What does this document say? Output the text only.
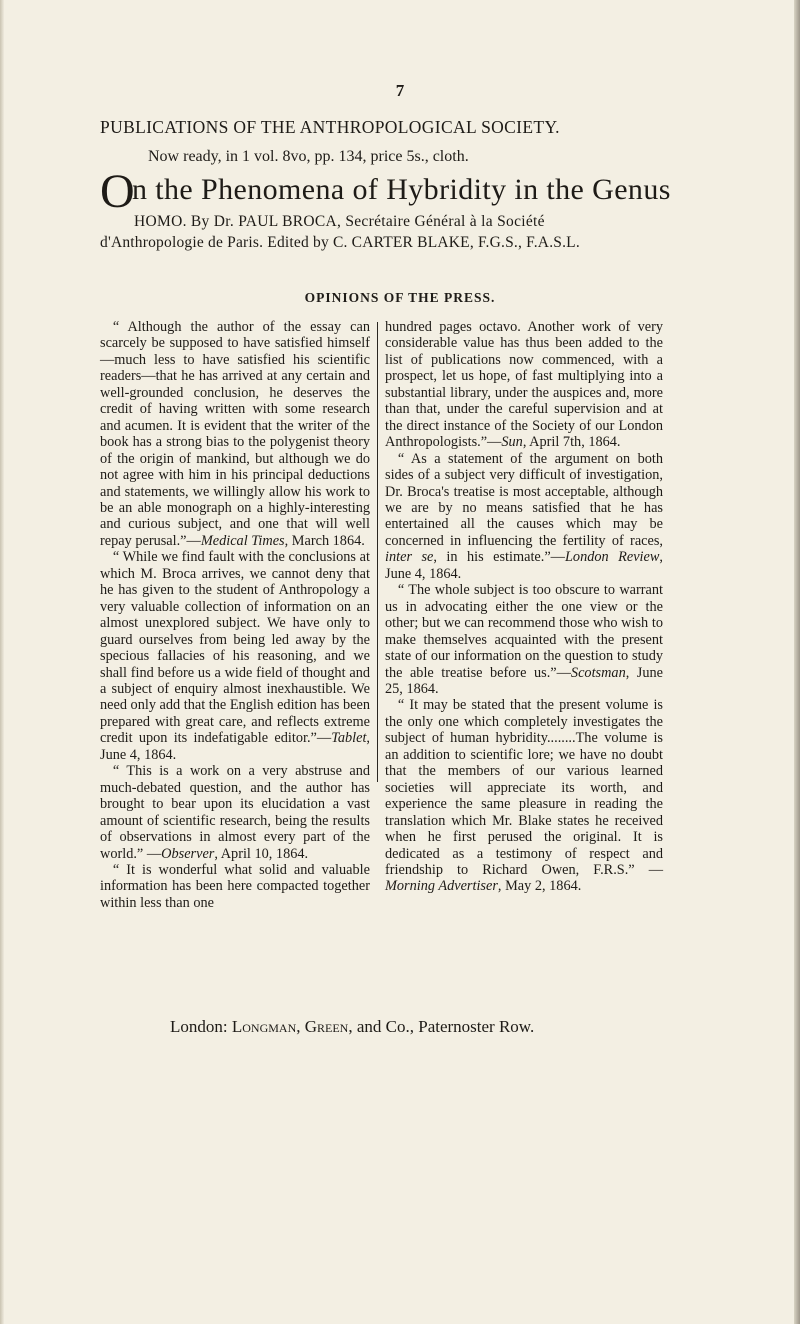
7
PUBLICATIONS OF THE ANTHROPOLOGICAL SOCIETY.
Now ready, in 1 vol. 8vo, pp. 134, price 5s., cloth.
O
n the Phenomena of Hybridity in the Genus
HOMO. By Dr. PAUL BROCA, Secrétaire Général à la Société
d'Anthropologie de Paris. Edited by C. CARTER BLAKE, F.G.S., F.A.S.L.
OPINIONS OF THE PRESS.

“ Although the author of the essay can scarcely be supposed to have satisfied himself—much less to have satisfied his scientific readers—that he has arrived at any certain and well-grounded conclusion, he deserves the credit of having written with some research and acumen. It is evident that the writer of the book has a strong bias to the polygenist theory of the origin of mankind, but although we do not agree with him in his principal deductions and statements, we willingly allow his work to be an able monograph on a highly-interesting and curious subject, and one that will well repay perusal.”—Medical Times, March 1864.

“ While we find fault with the conclusions at which M. Broca arrives, we cannot deny that he has given to the student of Anthropology a very valuable collection of information on an almost unexplored subject. We have only to guard ourselves from being led away by the specious fallacies of his reasoning, and we shall find before us a wide field of thought and a subject of enquiry almost inexhaustible. We need only add that the English edition has been prepared with great care, and reflects extreme credit upon its indefatigable editor.”—Tablet, June 4, 1864.

“ This is a work on a very abstruse and much-debated question, and the author has brought to bear upon its elucidation a vast amount of scientific research, being the results of observations in almost every part of the world.” —Observer, April 10, 1864.

“ It is wonderful what solid and valuable information has been here compacted together within less than one

hundred pages octavo. Another work of very considerable value has thus been added to the list of publications now commenced, with a prospect, let us hope, of fast multiplying into a substantial library, under the auspices and, more than that, under the careful supervision and at the direct instance of the Society of our London Anthropologists.”—Sun, April 7th, 1864.

“ As a statement of the argument on both sides of a subject very difficult of investigation, Dr. Broca's treatise is most acceptable, although we are by no means satisfied that he has entertained all the causes which may be concerned in influencing the fertility of races, inter se, in his estimate.”—London Review, June 4, 1864.

“ The whole subject is too obscure to warrant us in advocating either the one view or the other; but we can recommend those who wish to make themselves acquainted with the present state of our information on the question to study the able treatise before us.”—Scotsman, June 25, 1864.

“ It may be stated that the present volume is the only one which completely investigates the subject of human hybridity........The volume is an addition to scientific lore; we have no doubt that the members of our various learned societies will appreciate its worth, and experience the same pleasure in reading the translation which Mr. Blake states he received when he first perused the original. It is dedicated as a testimony of respect and friendship to Richard Owen, F.R.S.” — Morning Advertiser, May 2, 1864.

London: Longman, Green, and Co., Paternoster Row.
